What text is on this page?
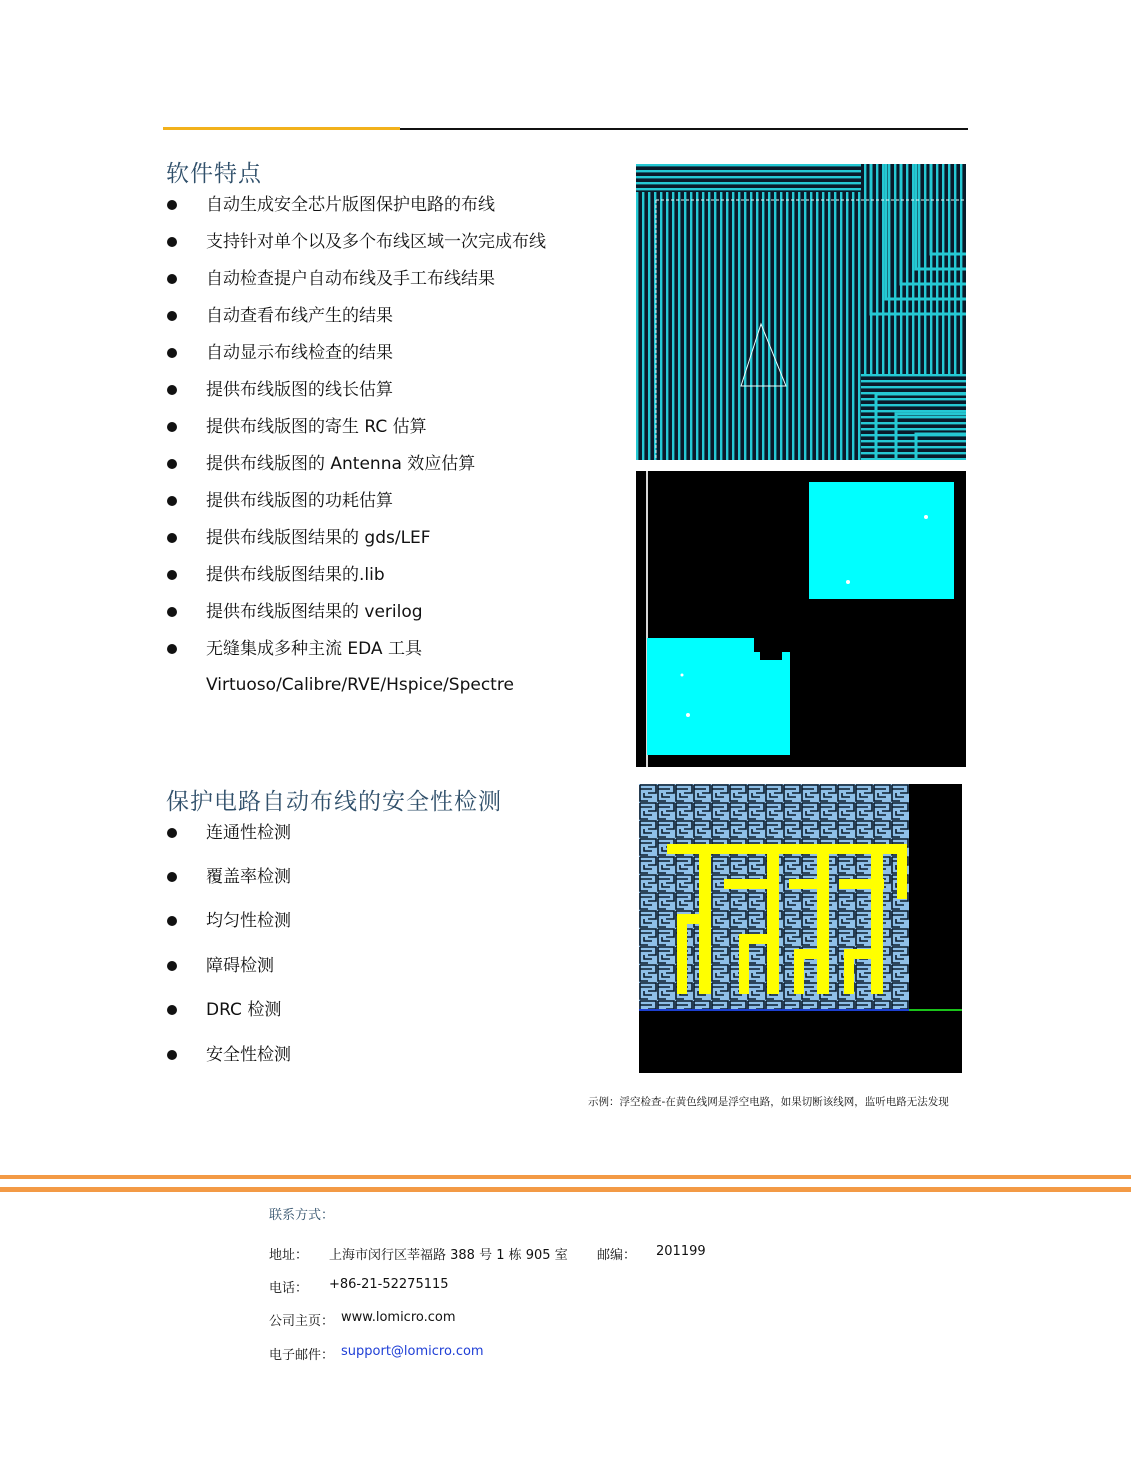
软件特点
自动生成安全芯片版图保护电路的布线
支持针对单个以及多个布线区域一次完成布线
自动检查提户自动布线及手工布线结果
自动查看布线产生的结果
自动显示布线检查的结果
提供布线版图的线长估算
提供布线版图的寄生 RC 估算
提供布线版图的 Antenna 效应估算
提供布线版图的功耗估算
提供布线版图结果的 gds/LEF
提供布线版图结果的.lib
提供布线版图结果的 verilog
无缝集成多种主流 EDA 工具
Virtuoso/Calibre/RVE/Hspice/Spectre
示例：浮空检查-在黄色线网是浮空电路，如果切断该线网，监听电路无法发现
保护电路自动布线的安全性检测
连通性检测
覆盖率检测
均匀性检测
障碍检测
DRC 检测
安全性检测
联系方式：
地址： 上海市闵行区莘福路 388 号 1 栋 905 室 邮编： 201199
电话： +86-21-52275115
公司主页： www.lomicro.com
电子邮件： support@lomicro.com
